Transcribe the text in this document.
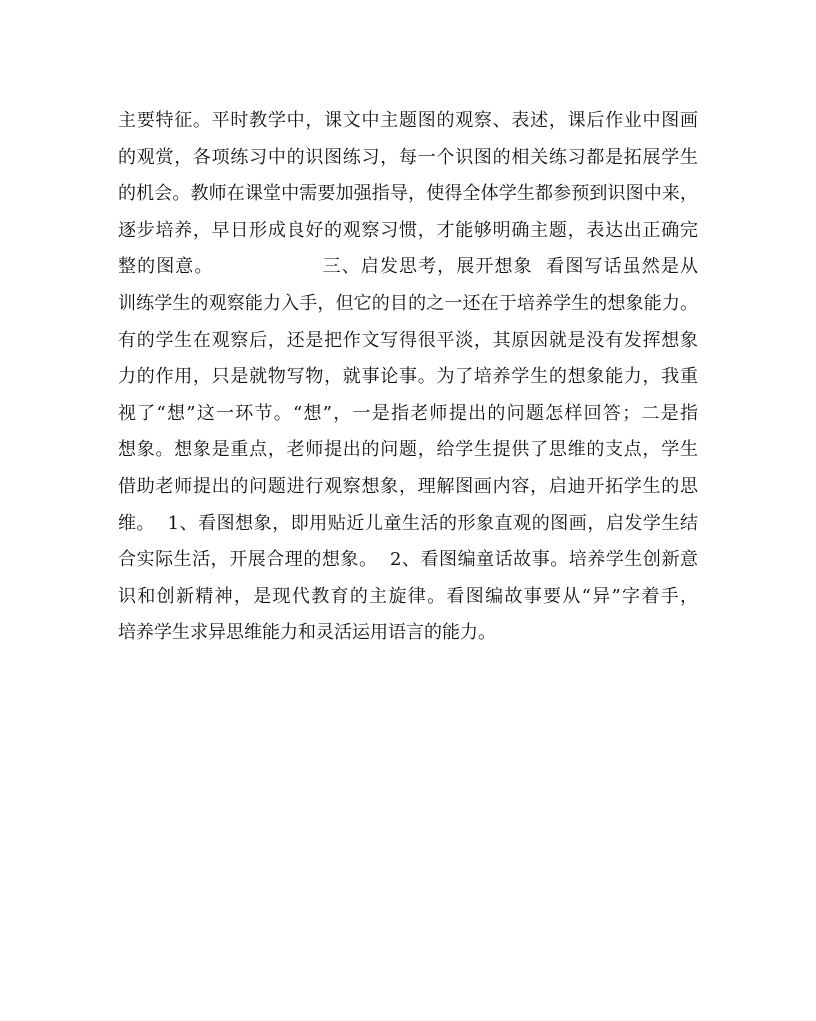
主要特征。平时教学中，课文中主题图的观察、表述，课后作业中图画

的观赏，各项练习中的识图练习，每一个识图的相关练习都是拓展学生

的机会。教师在课堂中需要加强指导，使得全体学生都参预到识图中来，

逐步培养，早日形成良好的观察习惯，才能够明确主题，表达出正确完

整的图意。                三、启发思考，展开想象  看图写话虽然是从

训练学生的观察能力入手，但它的目的之一还在于培养学生的想象能力。

有的学生在观察后，还是把作文写得很平淡，其原因就是没有发挥想象

力的作用，只是就物写物，就事论事。为了培养学生的想象能力，我重

视了“想”这一环节。“想”，一是指老师提出的问题怎样回答；二是指

想象。想象是重点，老师提出的问题，给学生提供了思维的支点，学生

借助老师提出的问题进行观察想象，理解图画内容，启迪开拓学生的思

维。  1、看图想象，即用贴近儿童生活的形象直观的图画，启发学生结

合实际生活，开展合理的想象。  2、看图编童话故事。培养学生创新意

识和创新精神，是现代教育的主旋律。看图编故事要从“异”字着手，

培养学生求异思维能力和灵活运用语言的能力。
